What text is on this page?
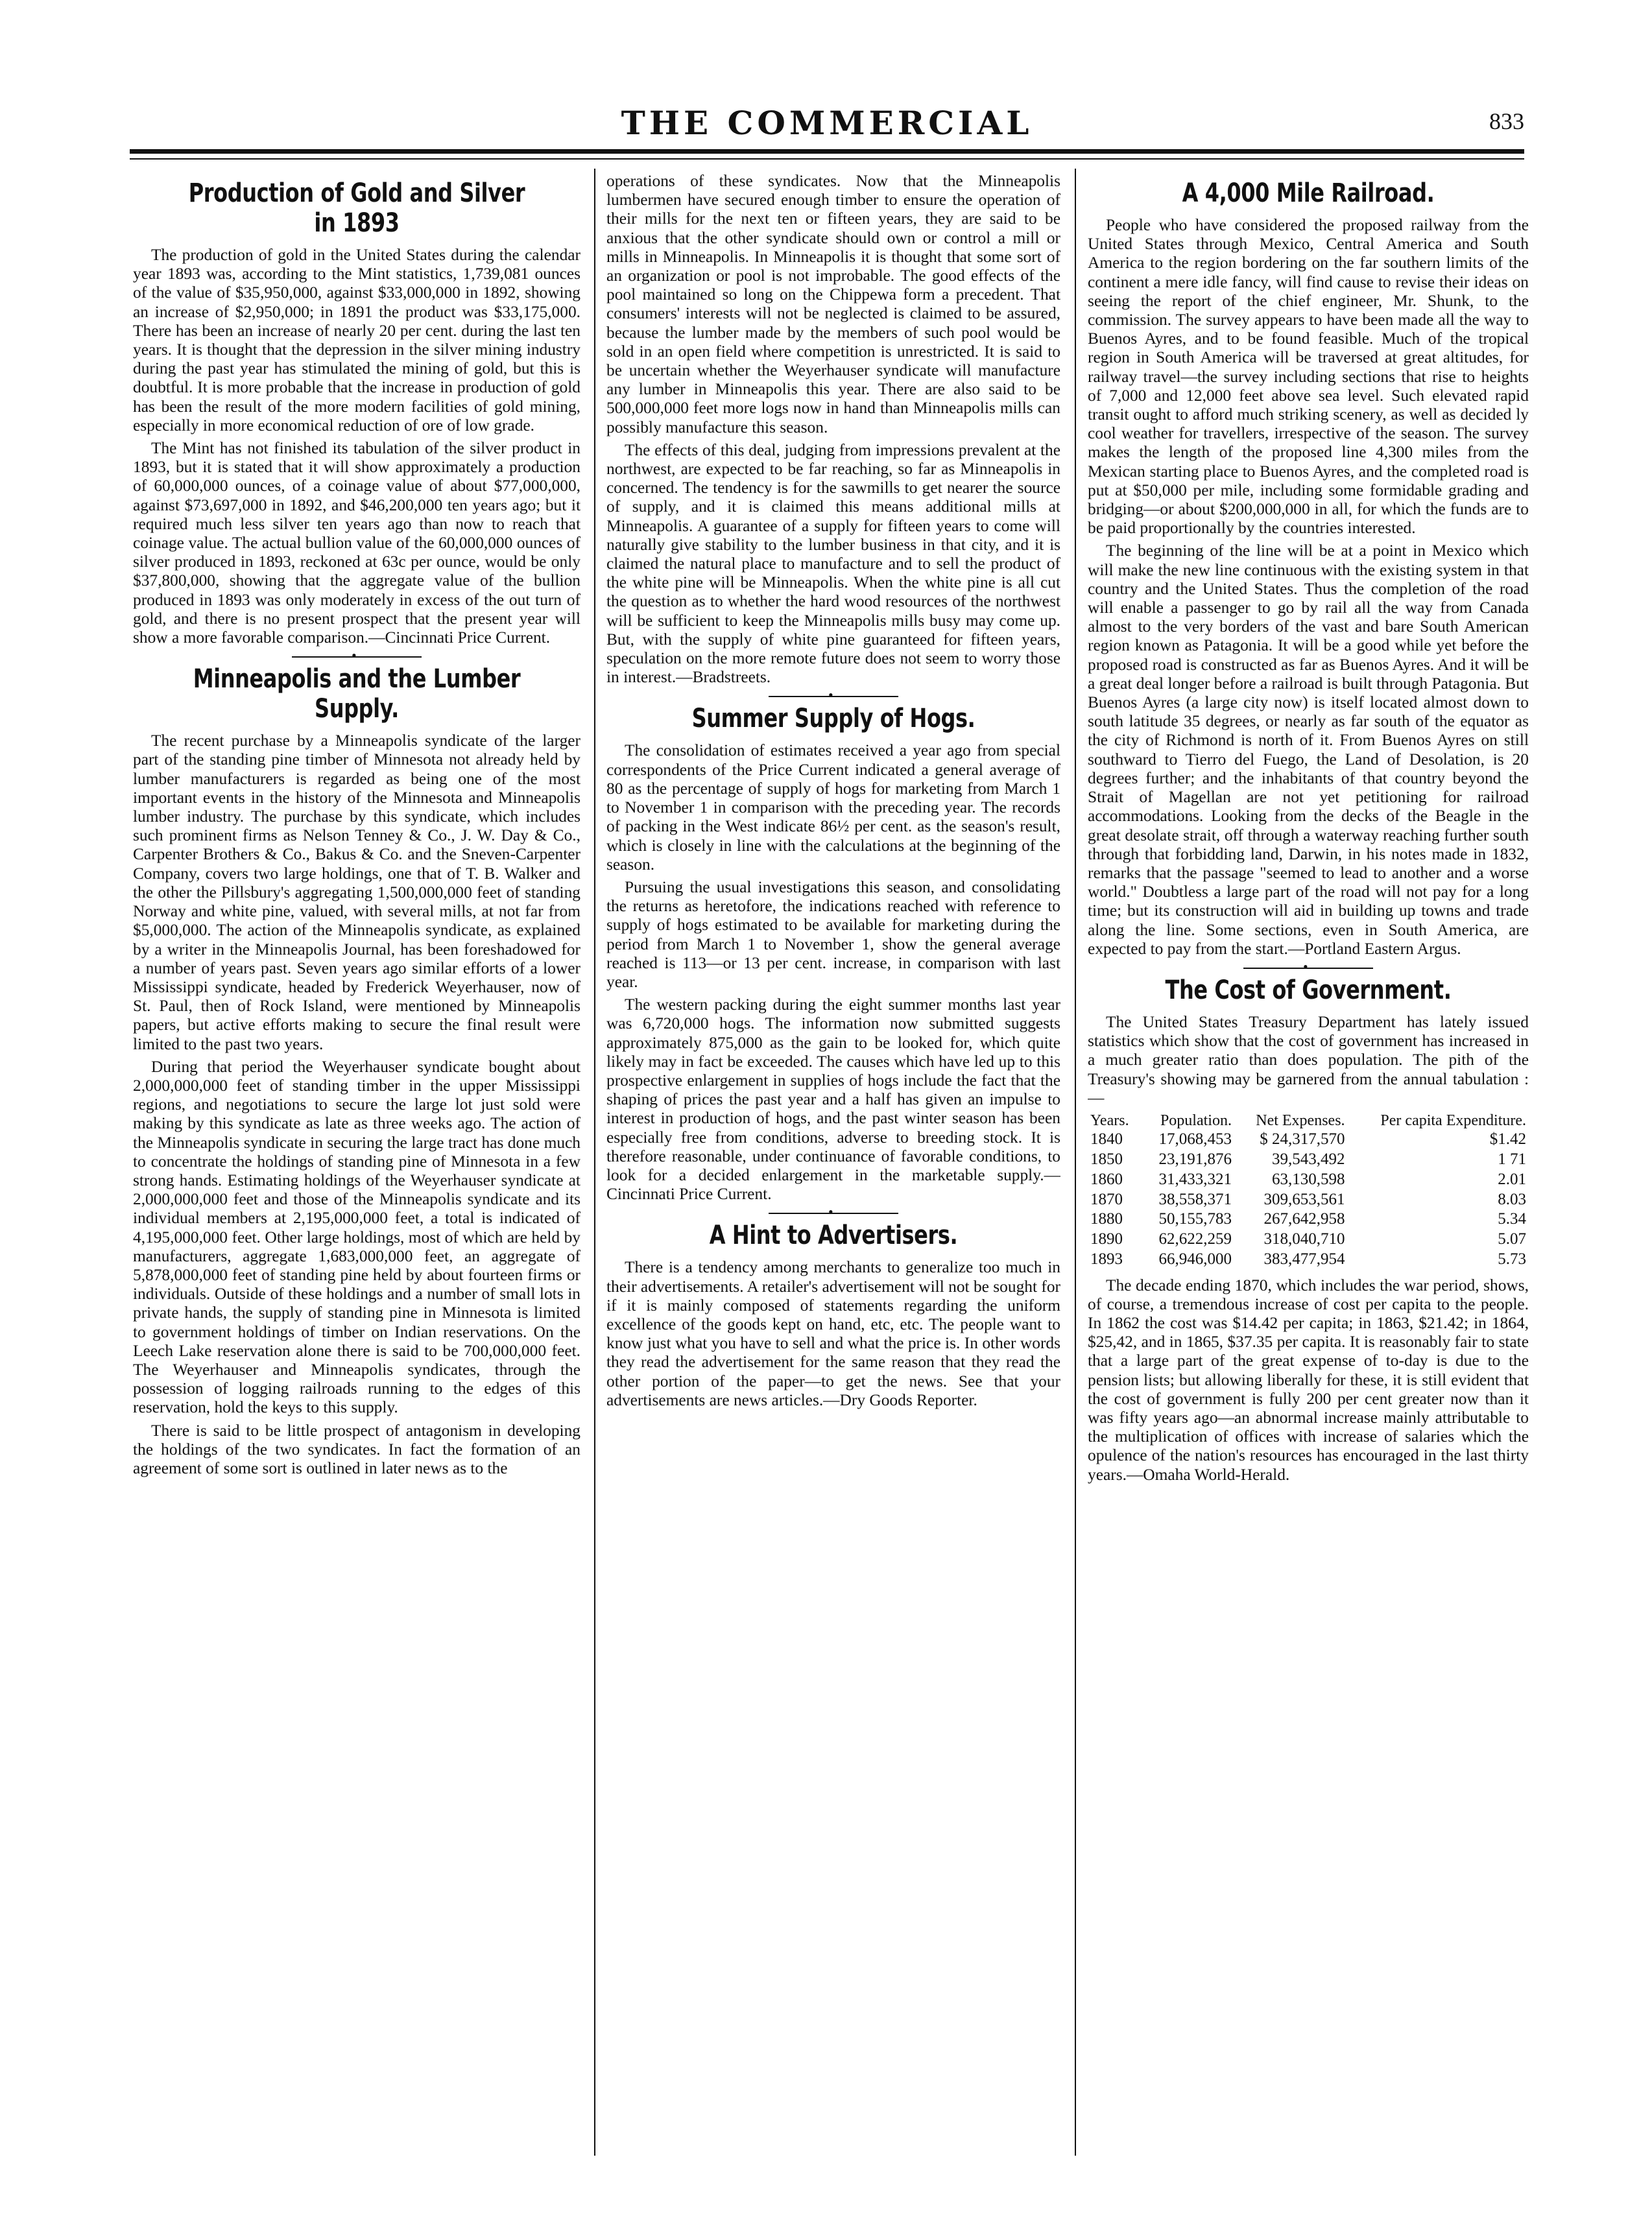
THE COMMERCIAL	833
Production of Gold and Silver in 1893

The production of gold in the United States during the calendar year 1893 was, according to the Mint statistics, 1,739,081 ounces of the value of $35,950,000, against $33,000,000 in 1892, showing an increase of $2,950,000; in 1891 the product was $33,175,000. There has been an increase of nearly 20 per cent. during the last ten years. It is thought that the depression in the silver mining industry during the past year has stimulated the mining of gold, but this is doubtful. It is more probable that the increase in production of gold has been the result of the more modern facilities of gold mining, especially in more economical reduction of ore of low grade.

The Mint has not finished its tabulation of the silver product in 1893, but it is stated that it will show approximately a production of 60,000,000 ounces, of a coinage value of about $77,000,000, against $73,697,000 in 1892, and $46,200,000 ten years ago; but it required much less silver ten years ago than now to reach that coinage value. The actual bullion value of the 60,000,000 ounces of silver produced in 1893, reckoned at 63c per ounce, would be only $37,800,000, showing that the aggregate value of the bullion produced in 1893 was only moderately in excess of the out turn of gold, and there is no present prospect that the present year will show a more favorable comparison.—Cincinnati Price Current.

•
Minneapolis and the Lumber Supply.

The recent purchase by a Minneapolis syndicate of the larger part of the standing pine timber of Minnesota not already held by lumber manufacturers is regarded as being one of the most important events in the history of the Minnesota and Minneapolis lumber industry. The purchase by this syndicate, which includes such prominent firms as Nelson Tenney & Co., J. W. Day & Co., Carpenter Brothers & Co., Bakus & Co. and the Sneven-Carpenter Company, covers two large holdings, one that of T. B. Walker and the other the Pillsbury's aggregating 1,500,000,000 feet of standing Norway and white pine, valued, with several mills, at not far from $5,000,000. The action of the Minneapolis syndicate, as explained by a writer in the Minneapolis Journal, has been foreshadowed for a number of years past. Seven years ago similar efforts of a lower Mississippi syndicate, headed by Frederick Weyerhauser, now of St. Paul, then of Rock Island, were mentioned by Minneapolis papers, but active efforts making to secure the final result were limited to the past two years.

During that period the Weyerhauser syndicate bought about 2,000,000,000 feet of standing timber in the upper Mississippi regions, and negotiations to secure the large lot just sold were making by this syndicate as late as three weeks ago. The action of the Minneapolis syndicate in securing the large tract has done much to concentrate the holdings of standing pine of Minnesota in a few strong hands. Estimating holdings of the Weyerhauser syndicate at 2,000,000,000 feet and those of the Minneapolis syndicate and its individual members at 2,195,000,000 feet, a total is indicated of 4,195,000,000 feet. Other large holdings, most of which are held by manufacturers, aggregate 1,683,000,000 feet, an aggregate of 5,878,000,000 feet of standing pine held by about fourteen firms or individuals. Outside of these holdings and a number of small lots in private hands, the supply of standing pine in Minnesota is limited to government holdings of timber on Indian reservations. On the Leech Lake reservation alone there is said to be 700,000,000 feet. The Weyerhauser and Minneapolis syndicates, through the possession of logging railroads running to the edges of this reservation, hold the keys to this supply.

There is said to be little prospect of antagonism in developing the holdings of the two syndicates. In fact the formation of an agreement of some sort is outlined in later news as to the

operations of these syndicates. Now that the Minneapolis lumbermen have secured enough timber to ensure the operation of their mills for the next ten or fifteen years, they are said to be anxious that the other syndicate should own or control a mill or mills in Minneapolis. In Minneapolis it is thought that some sort of an organization or pool is not improbable. The good effects of the pool maintained so long on the Chippewa form a precedent. That consumers' interests will not be neglected is claimed to be assured, because the lumber made by the members of such pool would be sold in an open field where competition is unrestricted. It is said to be uncertain whether the Weyerhauser syndicate will manufacture any lumber in Minneapolis this year. There are also said to be 500,000,000 feet more logs now in hand than Minneapolis mills can possibly manufacture this season.

The effects of this deal, judging from impressions prevalent at the northwest, are expected to be far reaching, so far as Minneapolis in concerned. The tendency is for the sawmills to get nearer the source of supply, and it is claimed this means additional mills at Minneapolis. A guarantee of a supply for fifteen years to come will naturally give stability to the lumber business in that city, and it is claimed the natural place to manufacture and to sell the product of the white pine will be Minneapolis. When the white pine is all cut the question as to whether the hard wood resources of the northwest will be sufficient to keep the Minneapolis mills busy may come up. But, with the supply of white pine guaranteed for fifteen years, speculation on the more remote future does not seem to worry those in interest.—Bradstreets.

•
Summer Supply of Hogs.

The consolidation of estimates received a year ago from special correspondents of the Price Current indicated a general average of 80 as the percentage of supply of hogs for marketing from March 1 to November 1 in comparison with the preceding year. The records of packing in the West indicate 86½ per cent. as the season's result, which is closely in line with the calculations at the beginning of the season.

Pursuing the usual investigations this season, and consolidating the returns as heretofore, the indications reached with reference to supply of hogs estimated to be available for marketing during the period from March 1 to November 1, show the general average reached is 113—or 13 per cent. increase, in comparison with last year.

The western packing during the eight summer months last year was 6,720,000 hogs. The information now submitted suggests approximately 875,000 as the gain to be looked for, which quite likely may in fact be exceeded. The causes which have led up to this prospective enlargement in supplies of hogs include the fact that the shaping of prices the past year and a half has given an impulse to interest in production of hogs, and the past winter season has been especially free from conditions, adverse to breeding stock. It is therefore reasonable, under continuance of favorable conditions, to look for a decided enlargement in the marketable supply.—Cincinnati Price Current.

•
A Hint to Advertisers.

There is a tendency among merchants to generalize too much in their advertisements. A retailer's advertisement will not be sought for if it is mainly composed of statements regarding the uniform excellence of the goods kept on hand, etc, etc. The people want to know just what you have to sell and what the price is. In other words they read the advertisement for the same reason that they read the other portion of the paper—to get the news. See that your advertisements are news articles.—Dry Goods Reporter.

A 4,000 Mile Railroad.

People who have considered the proposed railway from the United States through Mexico, Central America and South America to the region bordering on the far southern limits of the continent a mere idle fancy, will find cause to revise their ideas on seeing the report of the chief engineer, Mr. Shunk, to the commission. The survey appears to have been made all the way to Buenos Ayres, and to be found feasible. Much of the tropical region in South America will be traversed at great altitudes, for railway travel—the survey including sections that rise to heights of 7,000 and 12,000 feet above sea level. Such elevated rapid transit ought to afford much striking scenery, as well as decided ly cool weather for travellers, irrespective of the season. The survey makes the length of the proposed line 4,300 miles from the Mexican starting place to Buenos Ayres, and the completed road is put at $50,000 per mile, including some formidable grading and bridging—or about $200,000,000 in all, for which the funds are to be paid proportionally by the countries interested.

The beginning of the line will be at a point in Mexico which will make the new line continuous with the existing system in that country and the United States. Thus the completion of the road will enable a passenger to go by rail all the way from Canada almost to the very borders of the vast and bare South American region known as Patagonia. It will be a good while yet before the proposed road is constructed as far as Buenos Ayres. And it will be a great deal longer before a railroad is built through Patagonia. But Buenos Ayres (a large city now) is itself located almost down to south latitude 35 degrees, or nearly as far south of the equator as the city of Richmond is north of it. From Buenos Ayres on still southward to Tierro del Fuego, the Land of Desolation, is 20 degrees further; and the inhabitants of that country beyond the Strait of Magellan are not yet petitioning for railroad accommodations. Looking from the decks of the Beagle in the great desolate strait, off through a waterway reaching further south through that forbidding land, Darwin, in his notes made in 1832, remarks that the passage "seemed to lead to another and a worse world." Doubtless a large part of the road will not pay for a long time; but its construction will aid in building up towns and trade along the line. Some sections, even in South America, are expected to pay from the start.—Portland Eastern Argus.

•
The Cost of Government.

The United States Treasury Department has lately issued statistics which show that the cost of government has increased in a much greater ratio than does population. The pith of the Treasury's showing may be garnered from the annual tabulation :—

Years.	Population.	Net Expenses.	Per capita Expenditure.
1840	17,068,453	$ 24,317,570	$1.42
1850	23,191,876	39,543,492	1 71
1860	31,433,321	63,130,598	2.01
1870	38,558,371	309,653,561	8.03
1880	50,155,783	267,642,958	5.34
1890	62,622,259	318,040,710	5.07
1893	66,946,000	383,477,954	5.73

The decade ending 1870, which includes the war period, shows, of course, a tremendous increase of cost per capita to the people. In 1862 the cost was $14.42 per capita; in 1863, $21.42; in 1864, $25,42, and in 1865, $37.35 per capita. It is reasonably fair to state that a large part of the great expense of to-day is due to the pension lists; but allowing liberally for these, it is still evident that the cost of government is fully 200 per cent greater now than it was fifty years ago—an abnormal increase mainly attributable to the multiplication of offices with increase of salaries which the opulence of the nation's resources has encouraged in the last thirty years.—Omaha World-Herald.
